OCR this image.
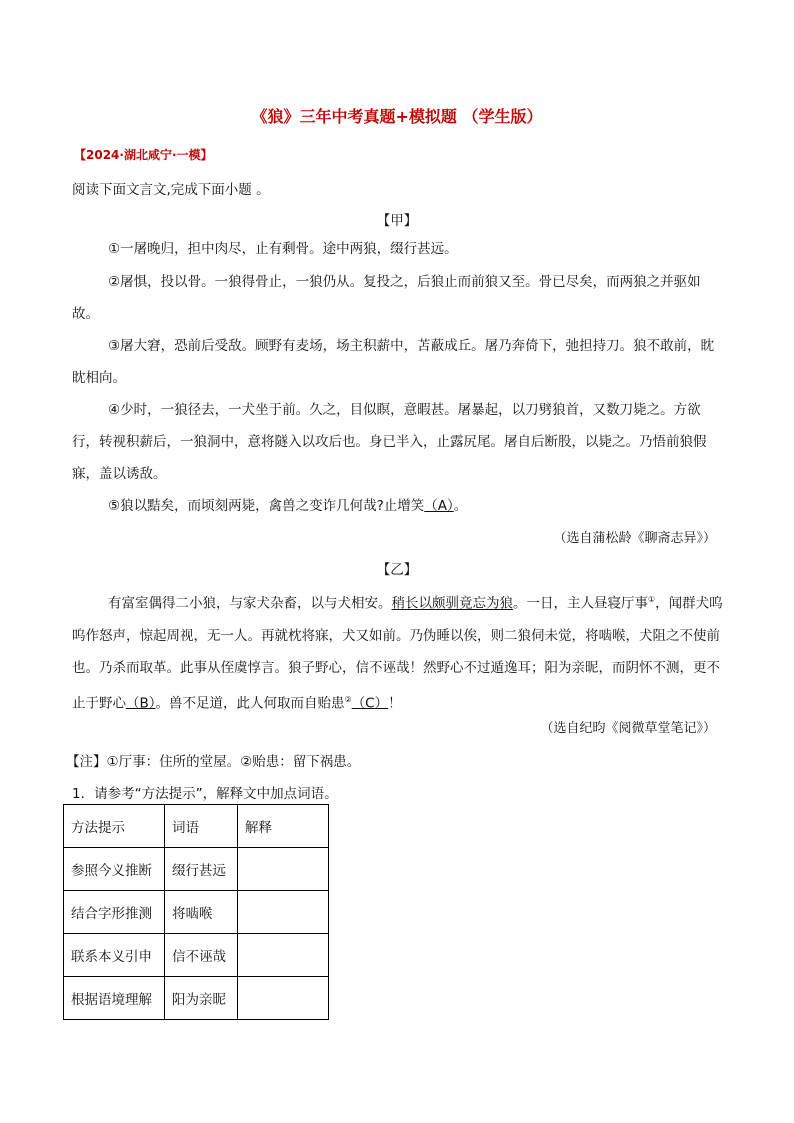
《狼》三年中考真题+模拟题 （学生版）
【2024·湖北咸宁·一模】
阅读下面文言文,完成下面小题 。
【甲】

①一屠晚归，担中肉尽，止有剩骨。途中两狼，缀行甚远。

②屠惧，投以骨。一狼得骨止，一狼仍从。复投之，后狼止而前狼又至。骨已尽矣，而两狼之并驱如故。

③屠大窘，恐前后受敌。顾野有麦场，场主积薪中，苫蔽成丘。屠乃奔倚下，弛担持刀。狼不敢前，眈眈相向。

④少时，一狼径去，一犬坐于前。久之，目似瞑，意暇甚。屠暴起，以刀劈狼首，又数刀毙之。方欲行，转视积薪后，一狼洞中，意将隧入以攻后也。身已半入，止露尻尾。屠自后断股，以毙之。乃悟前狼假寐，盖以诱敌。

⑤狼以黠矣，而顷刻两毙，禽兽之变诈几何哉?止增笑（A）。

（选自蒲松龄《聊斋志异》）
【乙】

有富室偶得二小狼，与家犬杂畜，以与犬相安。稍长以颇驯竟忘为狼。一日，主人昼寝厅事①，闻群犬呜呜作怒声，惊起周视，无一人。再就枕将寐，犬又如前。乃伪睡以俟，则二狼伺未觉，将啮喉，犬阻之不使前也。乃杀而取革。此事从侄虞惇言。狼子野心，信不诬哉！然野心不过遁逸耳；阳为亲昵，而阴怀不测，更不止于野心（B）。兽不足道，此人何取而自贻患②（C）！

（选自纪昀《阅微草堂笔记》）
【注】①厅事：住所的堂屋。②贻患：留下祸患。
1．请参考“方法提示”，解释文中加点词语。
方法提示	词语	解释
参照今义推断	缀行甚远	
结合字形推测	将啮喉	
联系本义引申	信不诬哉	
根据语境理解	阳为亲昵	
